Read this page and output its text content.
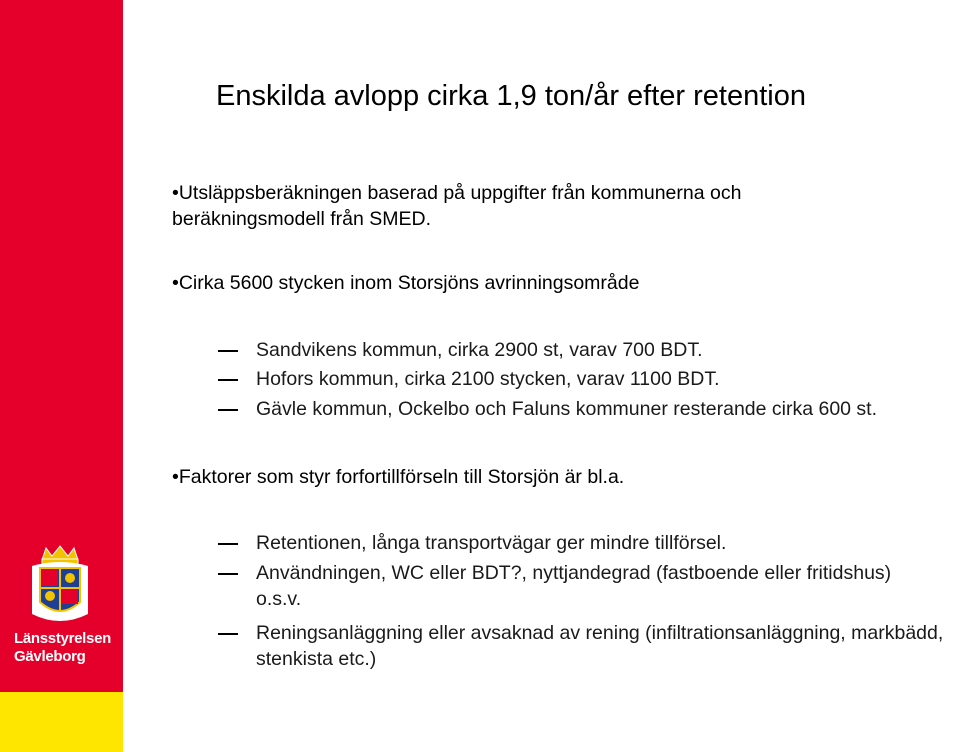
Länsstyrelsen
Gävleborg
Enskilda avlopp cirka 1,9 ton/år efter retention
•Utsläppsberäkningen baserad på uppgifter från kommunerna och beräkningsmodell från SMED.
•Cirka 5600 stycken inom Storsjöns avrinningsområde
Sandvikens kommun, cirka 2900 st, varav 700 BDT.
Hofors kommun, cirka 2100 stycken, varav 1100 BDT.
Gävle kommun, Ockelbo och Faluns kommuner resterande cirka 600 st.
•Faktorer som styr forfortillförseln till Storsjön är bl.a.
Retentionen, långa transportvägar ger mindre tillförsel.
Användningen, WC eller BDT?, nyttjandegrad (fastboende eller fritidshus) o.s.v.
Reningsanläggning eller avsaknad av rening (infiltrationsanläggning, markbädd, stenkista etc.)
